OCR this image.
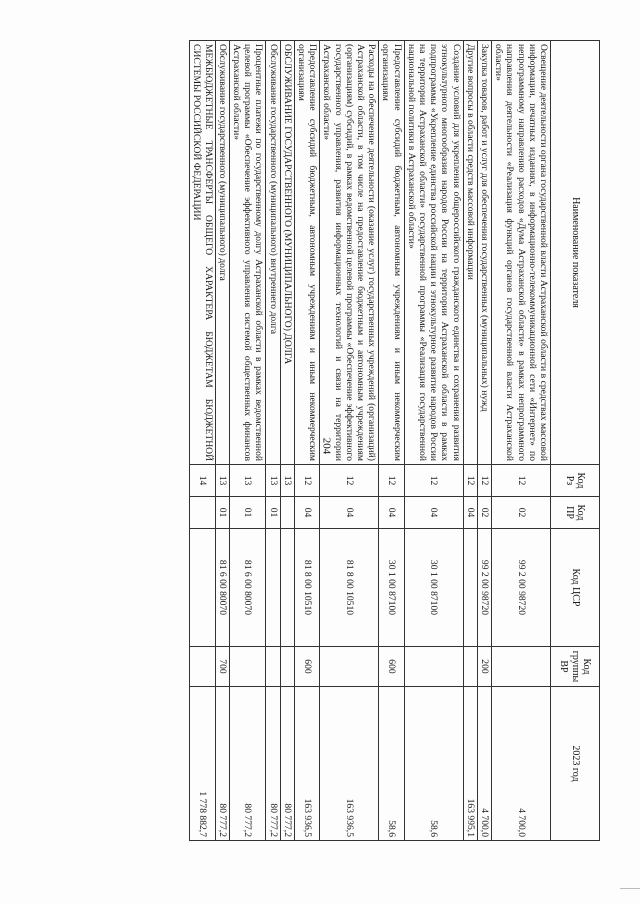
204
Наименование показателя	Код Рз	Код ПР	Код ЦСР	Код группы ВР	2023 год
Освещение деятельности органа государственной власти Астраханской области в средствах массовой информации, печатных изданиях, в информационно-телекоммуникационной сети «Интернет» по непрограммному направлению расходов «Дума Астраханской области» в рамках непрограммного направления деятельности «Реализация функций органов государственной власти Астраханской области»	12	02	99 2 00 98720		4 700,0
Закупка товаров, работ и услуг для обеспечения государственных (муниципальных) нужд	12	02	99 2 00 98720	200	4 700,0
Другие вопросы в области средств массовой информации	12	04			163 995,1
Создание условий для укрепления общероссийского гражданского единства и сохранения развития этнокультурного многообразия народов России на территории Астраханской области в рамках подпрограммы «Укрепление единства российской нации и этнокультурное развитие народов России на территории Астраханской области» государственной программы «Реализация государственной национальной политики в Астраханской области»	12	04	30 1 00 87100		58,6
Предоставление субсидий бюджетным, автономным учреждениям и иным некоммерческим организациям	12	04	30 1 00 87100	600	58,6
Расходы на обеспечение деятельности (оказание услуг) государственных учреждений (организаций) Астраханской области, в том числе на предоставление бюджетным и автономным учреждениям (организациям) субсидий, в рамках ведомственной целевой программы «Обеспечение эффективного государственного управления, развития информационных технологий и связи на территории Астраханской области»	12	04	81 8 00 10510		163 936,5
Предоставление субсидий бюджетным, автономным учреждениям и иным некоммерческим организациям	12	04	81 8 00 10510	600	163 936,5
ОБСЛУЖИВАНИЕ ГОСУДАРСТВЕННОГО (МУНИЦИПАЛЬНОГО) ДОЛГА	13				80 777,2
Обслуживание государственного (муниципального) внутреннего долга	13	01			80 777,2
Процентные платежи по государственному долгу Астраханской области в рамках ведомственной целевой программы «Обеспечение эффективного управления системой общественных финансов Астраханской области»	13	01	81 6 00 80070		80 777,2
Обслуживание государственного (муниципального) долга	13	01	81 6 00 80070	700	80 777,2
МЕЖБЮДЖЕТНЫЕ ТРАНСФЕРТЫ ОБЩЕГО ХАРАКТЕРА БЮДЖЕТАМ БЮДЖЕТНОЙ СИСТЕМЫ РОССИЙСКОЙ ФЕДЕРАЦИИ	14				1 778 882,7
